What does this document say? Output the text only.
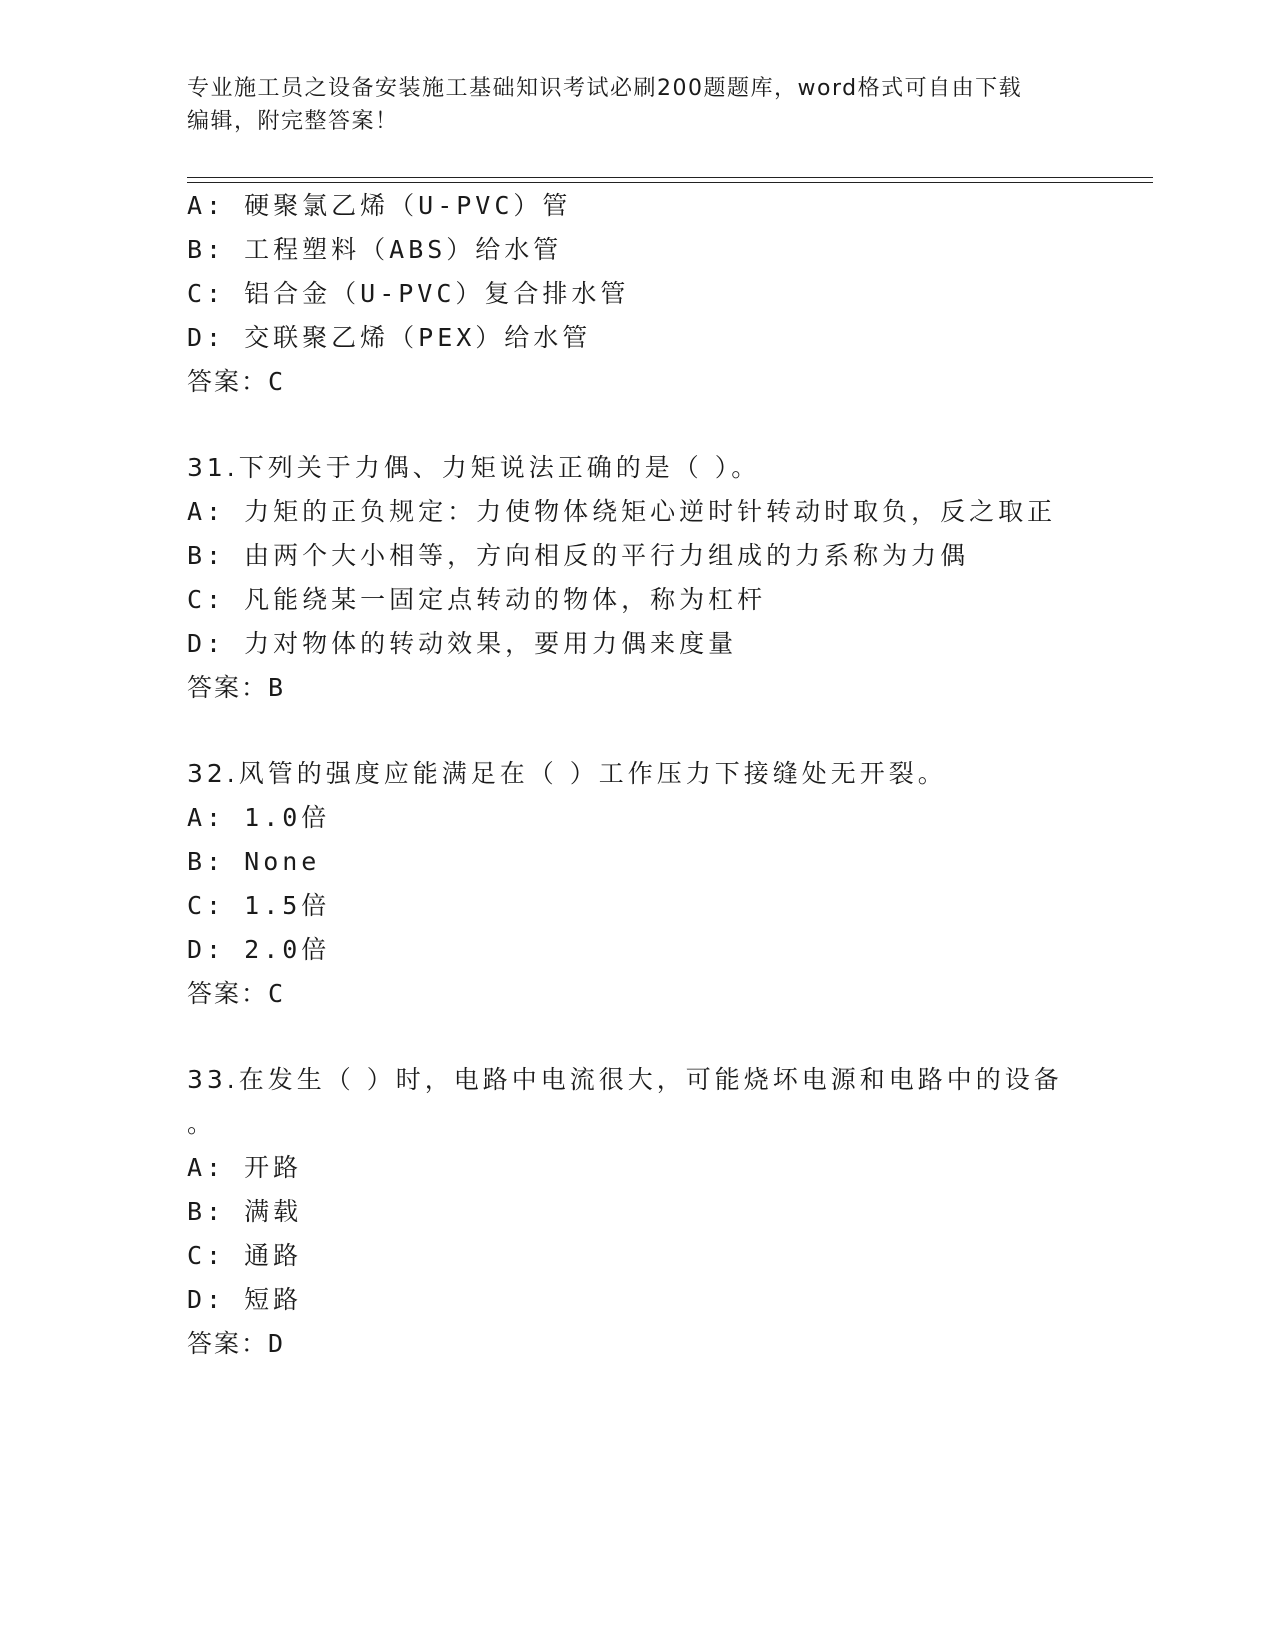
专业施工员之设备安装施工基础知识考试必刷200题题库，word格式可自由下载
编辑，附完整答案！
A: 硬聚氯乙烯（U-PVC）管
B: 工程塑料（ABS）给水管
C: 铝合金（U-PVC）复合排水管
D: 交联聚乙烯（PEX）给水管
答案：C
31.下列关于力偶、力矩说法正确的是（ ）。
A: 力矩的正负规定：力使物体绕矩心逆时针转动时取负，反之取正
B: 由两个大小相等，方向相反的平行力组成的力系称为力偶
C: 凡能绕某一固定点转动的物体，称为杠杆
D: 力对物体的转动效果，要用力偶来度量
答案：B
32.风管的强度应能满足在（ ）工作压力下接缝处无开裂。
A: 1.0倍
B: None
C: 1.5倍
D: 2.0倍
答案：C
33.在发生（ ）时，电路中电流很大，可能烧坏电源和电路中的设备
。
A: 开路
B: 满载
C: 通路
D: 短路
答案：D
